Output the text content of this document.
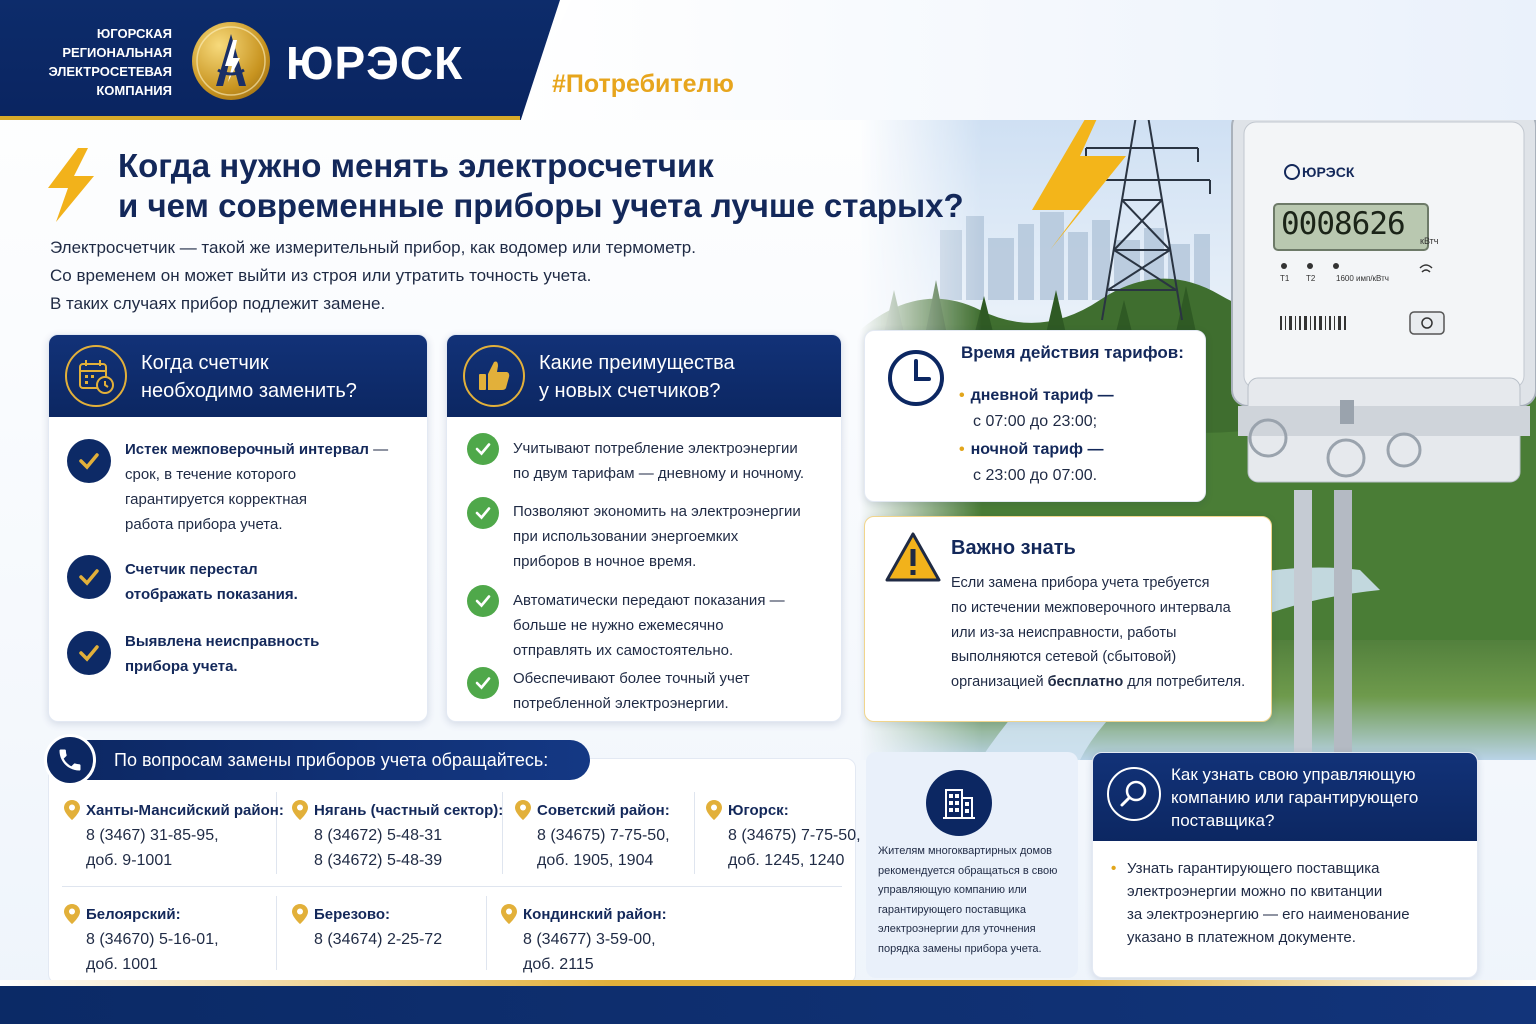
ЮГОРСКАЯ
РЕГИОНАЛЬНАЯ
ЭЛЕКТРОСЕТЕВАЯ
КОМПАНИЯ
ЮРЭСК	#Потребителю
ЮРЭСК
0008626	кВтч
T1 T2	1600 имп/кВтч
Когда нужно менять электросчетчик
и чем современные приборы учета лучше старых?
Электросчетчик — такой же измерительный прибор, как водомер или термометр.
Со временем он может выйти из строя или утратить точность учета.
В таких случаях прибор подлежит замене.
Когда счетчик
необходимо заменить?
Истек межповерочный интервал —
срок, в течение которого
гарантируется корректная
работа прибора учета.
Счетчик перестал
отображать показания.
Выявлена неисправность
прибора учета.
Какие преимущества
у новых счетчиков?
Учитывают потребление электроэнергии
по двум тарифам — дневному и ночному.
Позволяют экономить на электроэнергии
при использовании энергоемких
приборов в ночное время.
Автоматически передают показания —
больше не нужно ежемесячно
отправлять их самостоятельно.
Обеспечивают более точный учет
потребленной электроэнергии.
Время действия тарифов:
• дневной тариф —
с 07:00 до 23:00;
• ночной тариф —
с 23:00 до 07:00.
Важно знать
Если замена прибора учета требуется
по истечении межповерочного интервала
или из-за неисправности, работы
выполняются сетевой (сбытовой)
организацией бесплатно для потребителя.
По вопросам замены приборов учета обращайтесь:
Ханты-Мансийский район:
8 (3467) 31-85-95,
доб. 9-1001
Нягань (частный сектор):
8 (34672) 5-48-31
8 (34672) 5-48-39
Советский район:
8 (34675) 7-75-50,
доб. 1905, 1904
Югорск:
8 (34675) 7-75-50,
доб. 1245, 1240
Белоярский:
8 (34670) 5-16-01,
доб. 1001
Березово:
8 (34674) 2-25-72
Кондинский район:
8 (34677) 3-59-00,
доб. 2115
Жителям многоквартирных домов
рекомендуется обращаться в свою
управляющую компанию или
гарантирующего поставщика
электроэнергии для уточнения
порядка замены прибора учета.
Как узнать свою управляющую
компанию или гарантирующего
поставщика?
• Узнать гарантирующего поставщика
электроэнергии можно по квитанции
за электроэнергию — его наименование
указано в платежном документе.
